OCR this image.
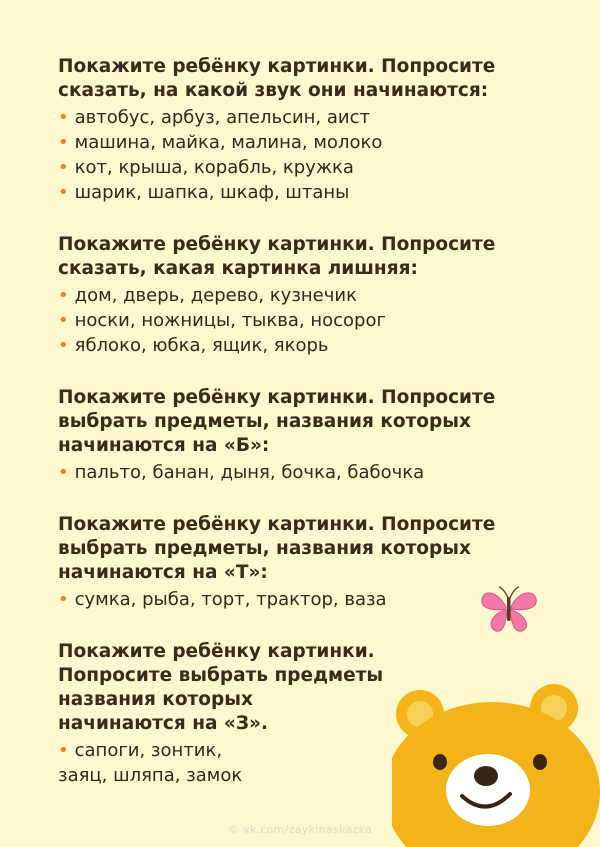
Покажите ребёнку картинки. Попросите
сказать, на какой звук они начинаются:

• автобус, арбуз, апельсин, аист
• машина, майка, малина, молоко
• кот, крыша, корабль, кружка
• шарик, шапка, шкаф, штаны

Покажите ребёнку картинки. Попросите
сказать, какая картинка лишняя:

• дом, дверь, дерево, кузнечик
• носки, ножницы, тыква, носорог
• яблоко, юбка, ящик, якорь

Покажите ребёнку картинки. Попросите
выбрать предметы, названия которых
начинаются на «Б»:

• пальто, банан, дыня, бочка, бабочка

Покажите ребёнку картинки. Попросите
выбрать предметы, названия которых
начинаются на «Т»:

• сумка, рыба, торт, трактор, ваза

Покажите ребёнку картинки.
Попросите выбрать предметы
названия которых
начинаются на «З».

• сапоги, зонтик,
заяц, шляпа, замок
© vk.com/zaykinaskazka
